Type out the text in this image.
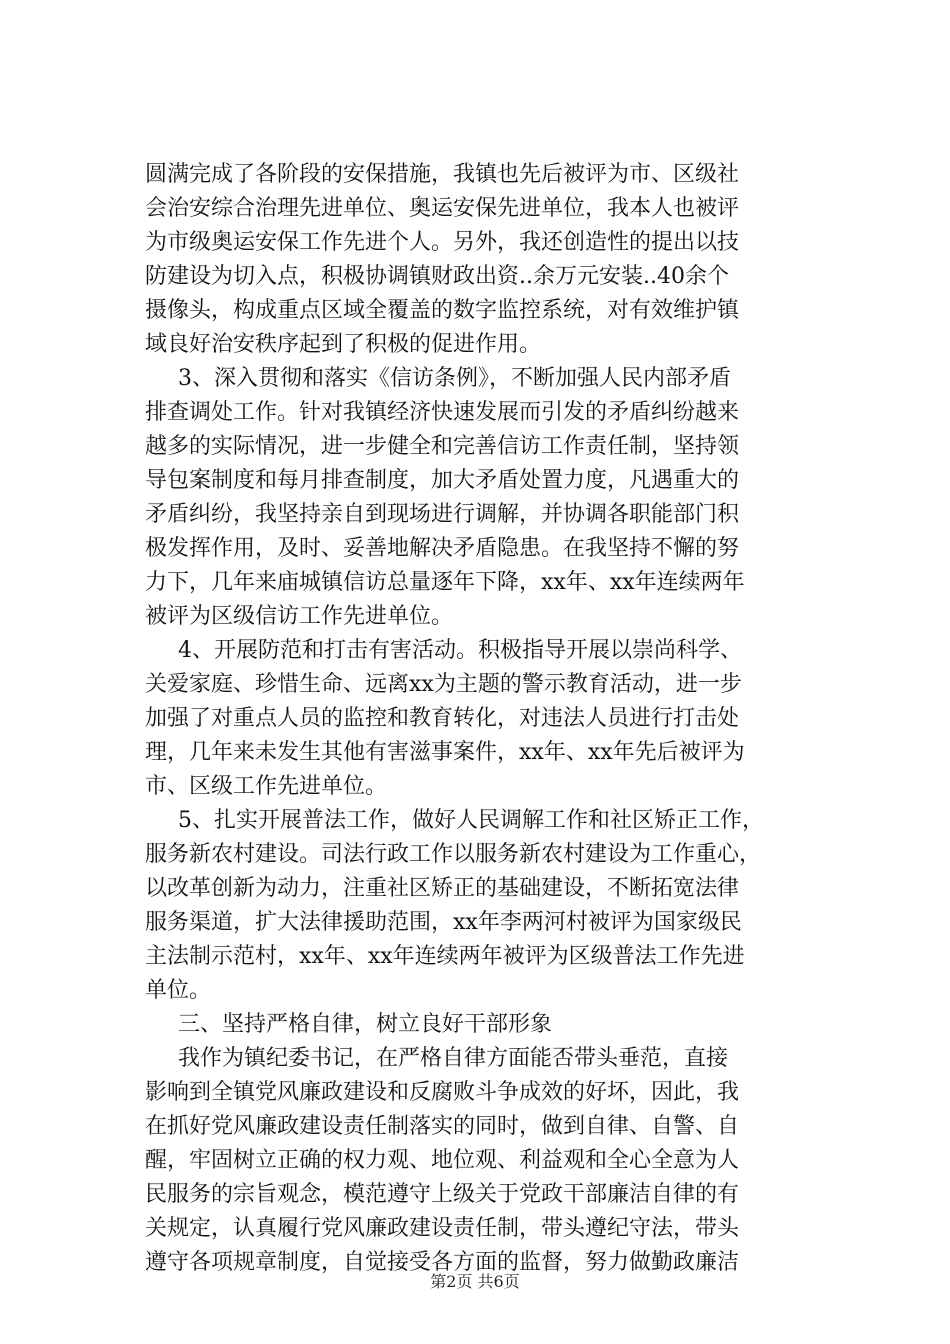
圆满完成了各阶段的安保措施，我镇也先后被评为市、区级社
会治安综合治理先进单位、奥运安保先进单位，我本人也被评
为市级奥运安保工作先进个人。另外，我还创造性的提出以技
防建设为切入点，积极协调镇财政出资..余万元安装..40余个
摄像头，构成重点区域全覆盖的数字监控系统，对有效维护镇
域良好治安秩序起到了积极的促进作用。
3、深入贯彻和落实《信访条例》，不断加强人民内部矛盾
排查调处工作。针对我镇经济快速发展而引发的矛盾纠纷越来
越多的实际情况，进一步健全和完善信访工作责任制，坚持领
导包案制度和每月排查制度，加大矛盾处置力度，凡遇重大的
矛盾纠纷，我坚持亲自到现场进行调解，并协调各职能部门积
极发挥作用，及时、妥善地解决矛盾隐患。在我坚持不懈的努
力下，几年来庙城镇信访总量逐年下降，xx年、xx年连续两年
被评为区级信访工作先进单位。
4、开展防范和打击有害活动。积极指导开展以崇尚科学、
关爱家庭、珍惜生命、远离xx为主题的警示教育活动，进一步
加强了对重点人员的监控和教育转化，对违法人员进行打击处
理，几年来未发生其他有害滋事案件，xx年、xx年先后被评为
市、区级工作先进单位。
5、扎实开展普法工作，做好人民调解工作和社区矫正工作，
服务新农村建设。司法行政工作以服务新农村建设为工作重心，
以改革创新为动力，注重社区矫正的基础建设，不断拓宽法律
服务渠道，扩大法律援助范围，xx年李两河村被评为国家级民
主法制示范村，xx年、xx年连续两年被评为区级普法工作先进
单位。
三、坚持严格自律，树立良好干部形象
我作为镇纪委书记，在严格自律方面能否带头垂范，直接
影响到全镇党风廉政建设和反腐败斗争成效的好坏，因此，我
在抓好党风廉政建设责任制落实的同时，做到自律、自警、自
醒，牢固树立正确的权力观、地位观、利益观和全心全意为人
民服务的宗旨观念，模范遵守上级关于党政干部廉洁自律的有
关规定，认真履行党风廉政建设责任制，带头遵纪守法，带头
遵守各项规章制度，自觉接受各方面的监督，努力做勤政廉洁
第2页 共6页
